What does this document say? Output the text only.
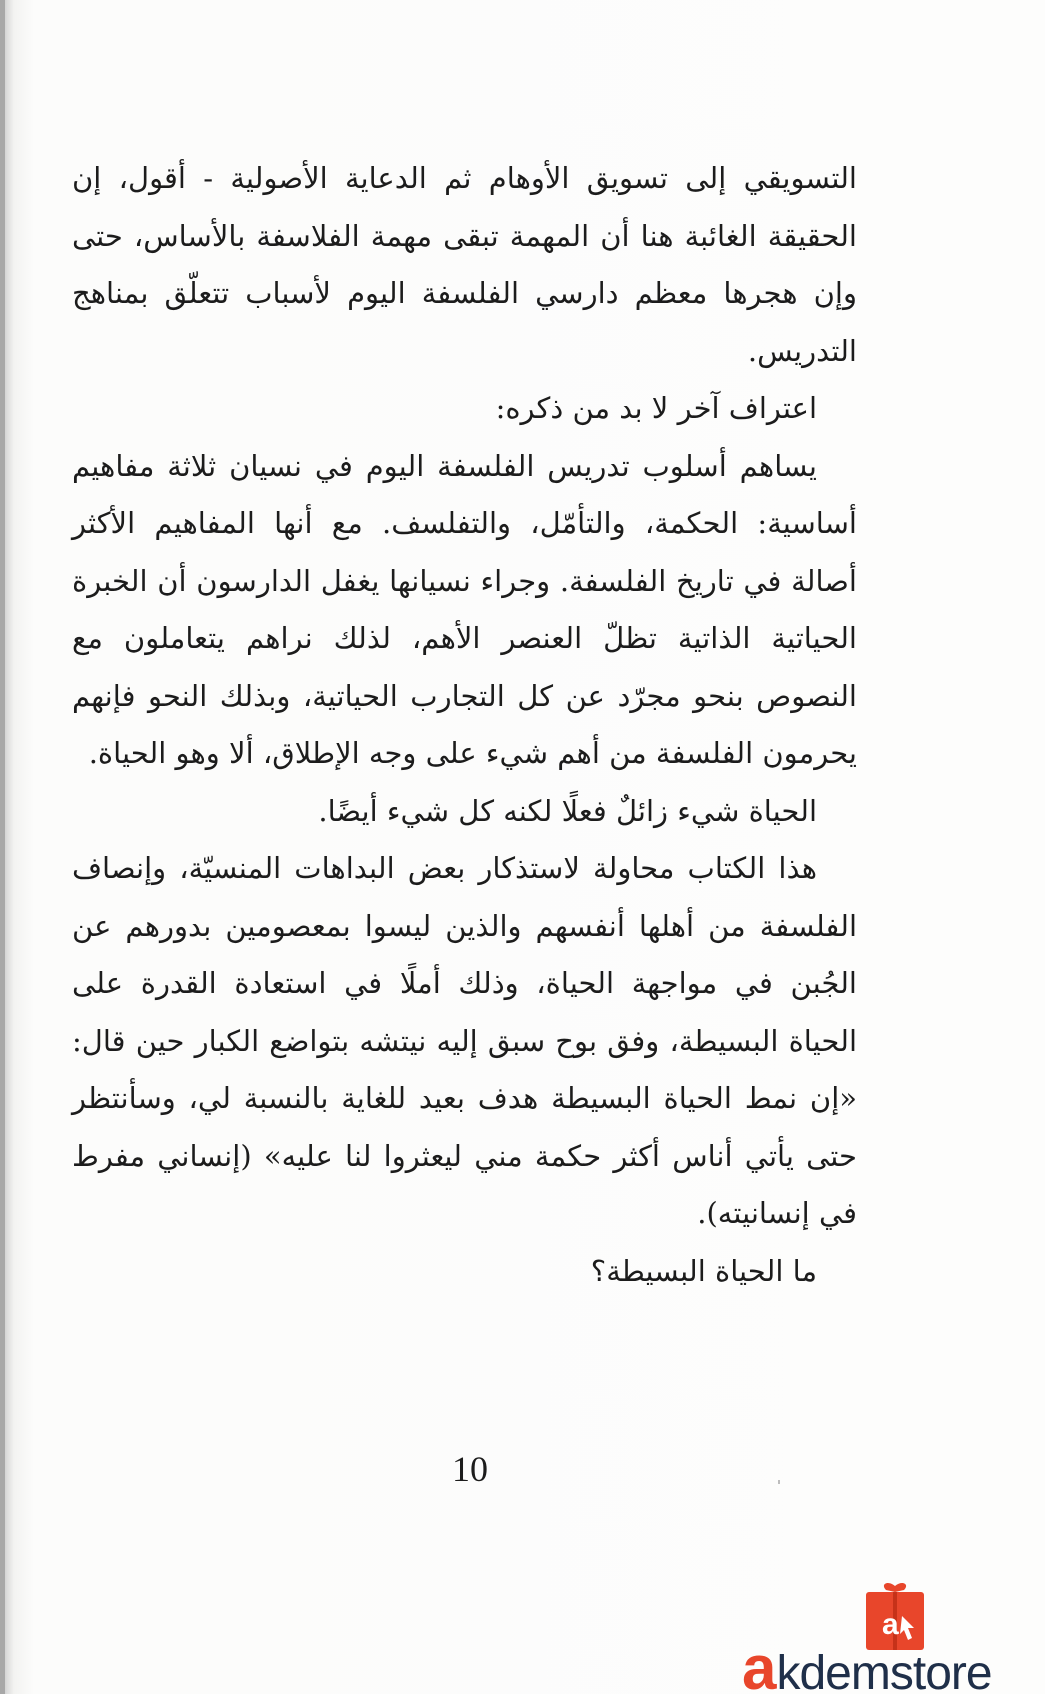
التسويقي إلى تسويق الأوهام ثم الدعاية الأصولية - أقول، إن الحقيقة الغائبة هنا أن المهمة تبقى مهمة الفلاسفة بالأساس، حتى وإن هجرها معظم دارسي الفلسفة اليوم لأسباب تتعلّق بمناهج التدريس.

اعتراف آخر لا بد من ذكره:

يساهم أسلوب تدريس الفلسفة اليوم في نسيان ثلاثة مفاهيم أساسية: الحكمة، والتأمّل، والتفلسف. مع أنها المفاهيم الأكثر أصالة في تاريخ الفلسفة. وجراء نسيانها يغفل الدارسون أن الخبرة الحياتية الذاتية تظلّ العنصر الأهم، لذلك نراهم يتعاملون مع النصوص بنحو مجرّد عن كل التجارب الحياتية، وبذلك النحو فإنهم يحرمون الفلسفة من أهم شيء على وجه الإطلاق، ألا وهو الحياة.

الحياة شيء زائلٌ فعلًا لكنه كل شيء أيضًا.

هذا الكتاب محاولة لاستذكار بعض البداهات المنسيّة، وإنصاف الفلسفة من أهلها أنفسهم والذين ليسوا بمعصومين بدورهم عن الجُبن في مواجهة الحياة، وذلك أملًا في استعادة القدرة على الحياة البسيطة، وفق بوح سبق إليه نيتشه بتواضع الكبار حين قال: «إن نمط الحياة البسيطة هدف بعيد للغاية بالنسبة لي، وسأنتظر حتى يأتي أناس أكثر حكمة مني ليعثروا لنا عليه» (إنساني مفرط في إنسانيته).

ما الحياة البسيطة؟

10
a
akdemstore
